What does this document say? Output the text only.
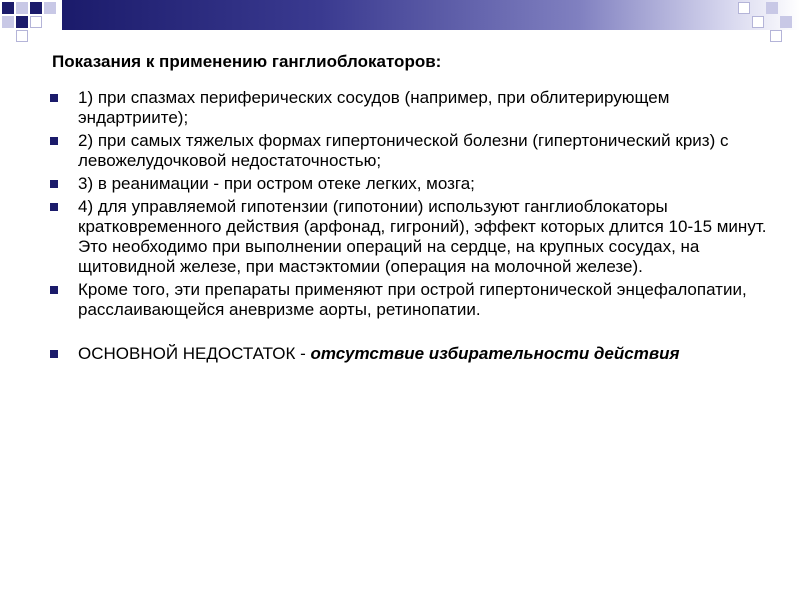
Показания к применению ганглиоблокаторов:
1) при спазмах периферических сосудов (например, при облитерирующем эндартриите);
2) при самых тяжелых формах гипертонической болезни (гипертонический криз) с левожелудочковой недостаточностью;
3) в реанимации - при остром отеке легких, мозга;
4) для управляемой гипотензии (гипотонии) используют ганглиоблокаторы кратковременного действия (арфонад, гигроний), эффект которых длится 10-15 минут. Это необходимо при выполнении операций на сердце, на крупных сосудах, на щитовидной железе, при мастэктомии (операция на молочной железе).
Кроме того, эти препараты применяют при острой гипертонической энцефалопатии, расслаивающейся аневризме аорты, ретинопатии.
ОСНОВНОЙ НЕДОСТАТОК - отсутствие избирательности действия
